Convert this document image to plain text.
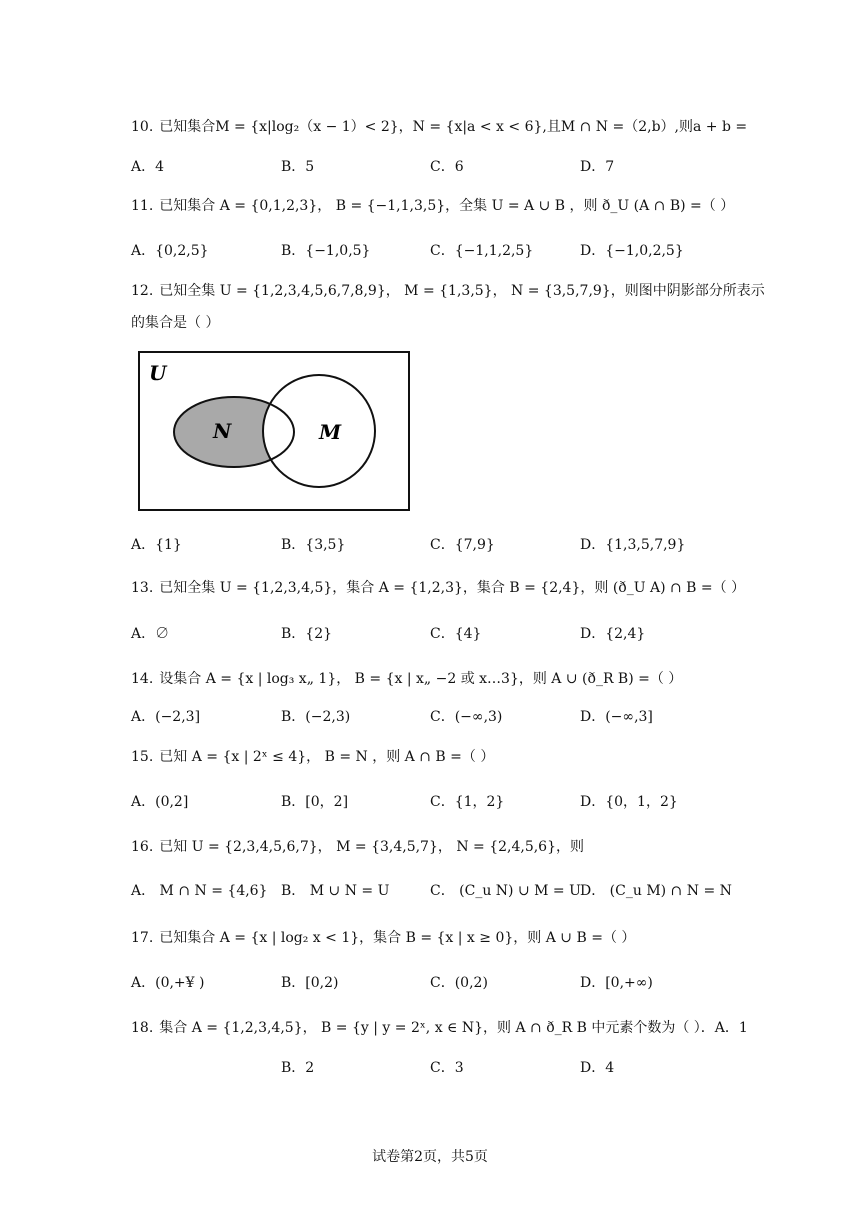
10. 已知集合M = {x|log₂（x − 1）< 2}，N = {x|a < x < 6},且M ∩ N =（2,b）,则a + b =
A．4	B．5	C．6	D．7
11. 已知集合 A = {0,1,2,3}， B = {−1,1,3,5}，全集 U = A ∪ B ，则 ð_U (A ∩ B) =（ ）
A．{0,2,5}	B．{−1,0,5}	C．{−1,1,2,5}	D．{−1,0,2,5}
12. 已知全集 U = {1,2,3,4,5,6,7,8,9}， M = {1,3,5}， N = {3,5,7,9}，则图中阴影部分所表示
的集合是（ ）
U
N	M
A．{1}	B．{3,5}	C．{7,9}	D．{1,3,5,7,9}
13. 已知全集 U = {1,2,3,4,5}，集合 A = {1,2,3}，集合 B = {2,4}，则 (ð_U A) ∩ B =（ ）
A．∅	B．{2}	C．{4}	D．{2,4}
14. 设集合 A = {x | log₃ x„ 1}， B = {x | x„ −2 或 x…3}，则 A ∪ (ð_R B) =（ ）
A．(−2,3]	B．(−2,3)	C．(−∞,3)	D．(−∞,3]
15. 已知 A = {x | 2ˣ ≤ 4}， B = N ，则 A ∩ B =（ ）
A．(0,2]	B．[0，2]	C．{1，2}	D．{0，1，2}
16. 已知 U = {2,3,4,5,6,7}， M = {3,4,5,7}， N = {2,4,5,6}，则
A． M ∩ N = {4,6} B． M ∪ N = U	C． (C_u N) ∪ M = U D． (C_u M) ∩ N = N
17. 已知集合 A = {x | log₂ x < 1}，集合 B = {x | x ≥ 0}，则 A ∪ B =（ ）
A．(0,+¥ )	B．[0,2)	C．(0,2)	D．[0,+∞)
18. 集合 A = {1,2,3,4,5}， B = {y | y = 2ˣ, x ∈ N}，则 A ∩ ð_R B 中元素个数为（ ）．A．1
B．2	C．3	D．4
试卷第2页，共5页
